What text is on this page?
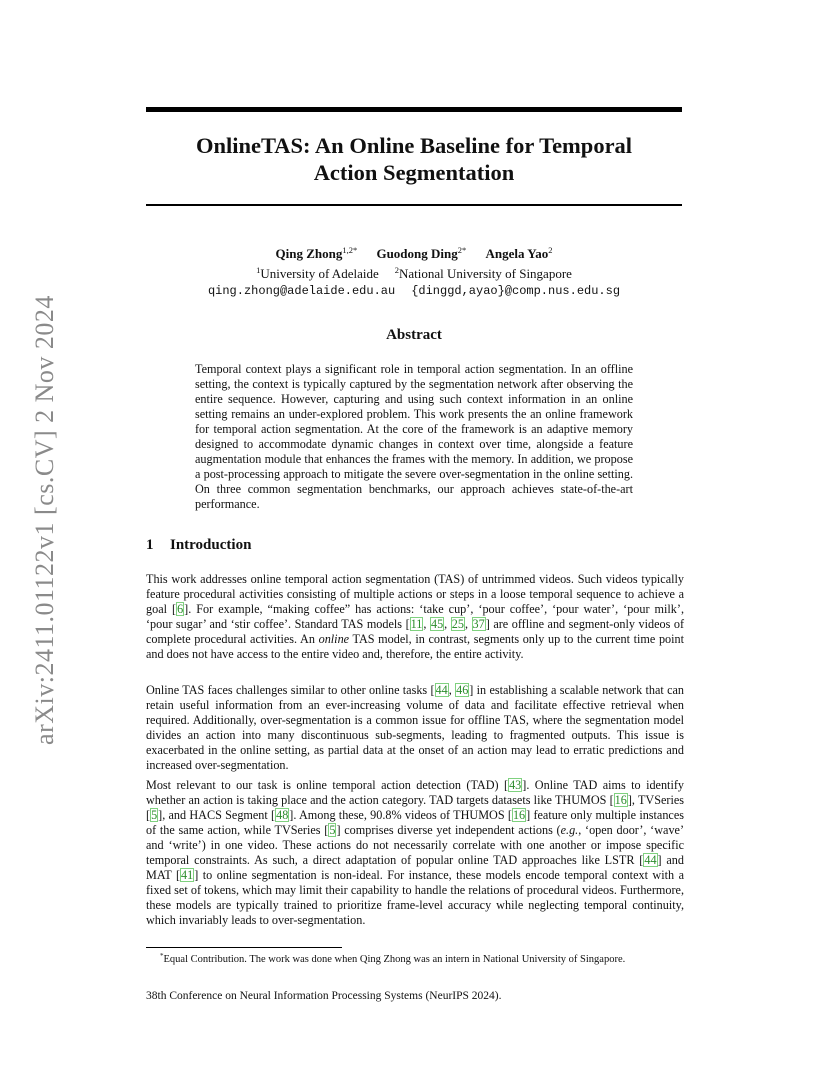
arXiv:2411.01122v1 [cs.CV] 2 Nov 2024
OnlineTAS: An Online Baseline for Temporal
Action Segmentation
Qing Zhong$^{1,2*}$ Guodong Ding$^{2*}$ Angela Yao$^2$
$^1$University of Adelaide $^2$National University of Singapore
qing.zhong@adelaide.edu.au {dinggd,ayao}@comp.nus.edu.sg
Abstract
Temporal context plays a significant role in temporal action segmentation. In an offline setting, the context is typically captured by the segmentation network after observing the entire sequence. However, capturing and using such context information in an online setting remains an under-explored problem. This work presents the an online framework for temporal action segmentation. At the core of the framework is an adaptive memory designed to accommodate dynamic changes in context over time, alongside a feature augmentation module that enhances the frames with the memory. In addition, we propose a post-processing approach to mitigate the severe over-segmentation in the online setting. On three common segmentation benchmarks, our approach achieves state-of-the-art performance.
1 Introduction
This work addresses online temporal action segmentation (TAS) of untrimmed videos. Such videos typically feature procedural activities consisting of multiple actions or steps in a loose temporal sequence to achieve a goal [6]. For example, “making coffee” has actions: ‘take cup’, ‘pour coffee’, ‘pour water’, ‘pour milk’, ‘pour sugar’ and ‘stir coffee’. Standard TAS models [11, 45, 25, 37] are offline and segment-only videos of complete procedural activities. An online TAS model, in contrast, segments only up to the current time point and does not have access to the entire video and, therefore, the entire activity.
Online TAS faces challenges similar to other online tasks [44, 46] in establishing a scalable network that can retain useful information from an ever-increasing volume of data and facilitate effective retrieval when required. Additionally, over-segmentation is a common issue for offline TAS, where the segmentation model divides an action into many discontinuous sub-segments, leading to fragmented outputs. This issue is exacerbated in the online setting, as partial data at the onset of an action may lead to erratic predictions and increased over-segmentation.
Most relevant to our task is online temporal action detection (TAD) [43]. Online TAD aims to identify whether an action is taking place and the action category. TAD targets datasets like THUMOS [16], TVSeries [5], and HACS Segment [48]. Among these, 90.8% videos of THUMOS [16] feature only multiple instances of the same action, while TVSeries [5] comprises diverse yet independent actions (e.g., ‘open door’, ‘wave’ and ‘write’) in one video. These actions do not necessarily correlate with one another or impose specific temporal constraints. As such, a direct adaptation of popular online TAD approaches like LSTR [44] and MAT [41] to online segmentation is non-ideal. For instance, these models encode temporal context with a fixed set of tokens, which may limit their capability to handle the relations of procedural videos. Furthermore, these models are typically trained to prioritize frame-level accuracy while neglecting temporal continuity, which invariably leads to over-segmentation.
*Equal Contribution. The work was done when Qing Zhong was an intern in National University of Singapore.
38th Conference on Neural Information Processing Systems (NeurIPS 2024).
